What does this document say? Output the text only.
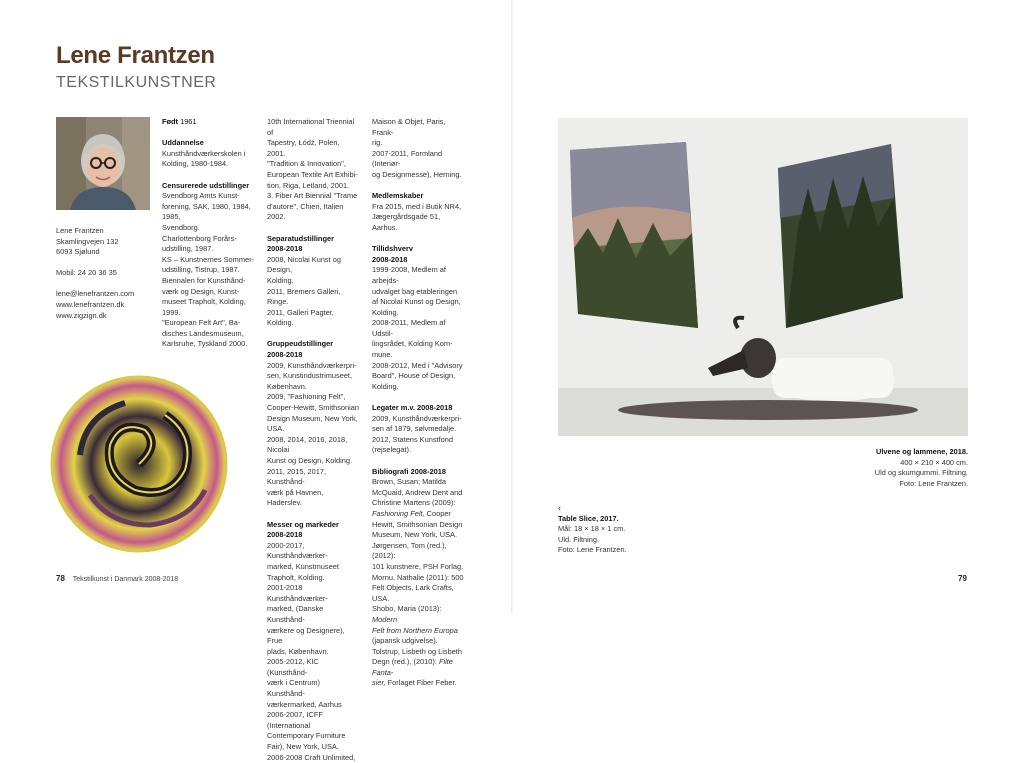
Lene Frantzen
TEKSTILKUNSTNER
FOTO
Lene Frantzen
Skamlingvejen 132
6093 Sjølund
Mobil: 24 20 36 35
lene@lenefrantzen.com
www.lenefrantzen.dk
www.zigzign.dk
Født 1961
Uddannelse

Kunsthåndværkerskolen i
Kolding, 1980-1984.

Censurerede udstillinger

Svendborg Amts Kunst-
forening, SAK, 1980, 1984, 1985,
Svendborg.
Charlottenborg Forårs-
udstilling, 1987.
KS – Kunstnernes Sommer-
udstilling, Tistrup, 1987.
Biennalen for Kunsthånd-
værk og Design, Kunst-
museet Trapholt, Kolding,
1999.
"European Felt Art", Ba-
disches Landesmuseum,
Karlsruhe, Tyskland 2000.

10th International Triennial of
Tapestry, Łódź, Polen, 2001.
"Tradition & Innovation",
European Textile Art Exhibi-
tion, Riga, Letland, 2001.
3. Fiber Art Biennial "Trame
d'autore", Chieri, Italien 2002.

Separatudstillinger
2008-2018

2008, Nicolai Kunst og Design,
Kolding.
2011, Bremers Galleri, Ringe.
2011, Galleri Pagter, Kolding.

Gruppeudstillinger
2008-2018

2009, Kunsthåndværkerpri-
sen, Kunstindustrimuseet,
København.
2009, "Fashioning Felt",
Cooper-Hewitt, Smithsonian
Design Museum, New York,
USA.
2008, 2014, 2016, 2018, Nicolai
Kunst og Design, Kolding.
2011, 2015, 2017, Kunsthånd-
værk på Havnen, Haderslev.

Messer og markeder
2008-2018

2000-2017, Kunsthåndværker-
marked, Kunstmuseet
Trapholt, Kolding.
2001-2018 Kunsthåndværker-
marked, (Danske Kunsthånd-
værkere og Designere), Frue
plads, København.
2005-2012, KIC (Kunsthånd-
værk i Centrum) Kunsthånd-
værkermarked, Aarhus
2006-2007, ICFF (International
Contemporary Furniture
Fair), New York, USA.
2006-2008 Craft Unlimited,

Maison & Objet, Paris, Frank-
rig.
2007-2011, Formland (Interiør-
og Designmesse), Herning.

Medlemskaber

Fra 2015, med i Butik NR4,
Jægergårdsgade 51, Aarhus.

Tillidshverv
2008-2018

1999-2008, Medlem af arbejds-
udvalget bag etableringen
af Nicolai Kunst og Design,
Kolding.
2008-2011, Medlem af Udstil-
lingsrådet, Kolding Kom-
mune.
2008-2012, Med i "Advisory
Board", House of Design,
Kolding.

Legater m.v. 2008-2018

2009, Kunsthåndværkerpri-
sen af 1879, sølvmedalje.
2012, Statens Kunstfond
(rejselegat).

Bibliografi 2008-2018

Brown, Susan; Matilda
McQuaid, Andrew Dent and
Christine Martens (2009):
Fashioning Felt, Cooper
Hewitt, Smithsonian Design
Museum, New York, USA.
Jørgensen, Tom (red.), (2012):
101 kunstnere, PSH Forlag.
Mornu, Nathalie (2011): 500
Felt Objects, Lark Crafts, USA.
Shobo, Maria (2013): Modern
Felt from Northern Europa
(japansk udgivelse).
Tolstrup, Lisbeth og Lisbeth
Degn (red.), (2010): Filte Fanta-
sier, Forlaget Fiber Feber.

Ulvene og lammene, 2018.
400 × 210 × 400 cm.
Uld og skumgummi. Filtning.
Foto: Lene Frantzen.
‹
Table Slice, 2017.
Mål: 18 × 18 × 1 cm.
Uld. Filtning.
Foto: Lene Frantzen.
78 Tekstilkunst i Danmark 2008-2018	79
